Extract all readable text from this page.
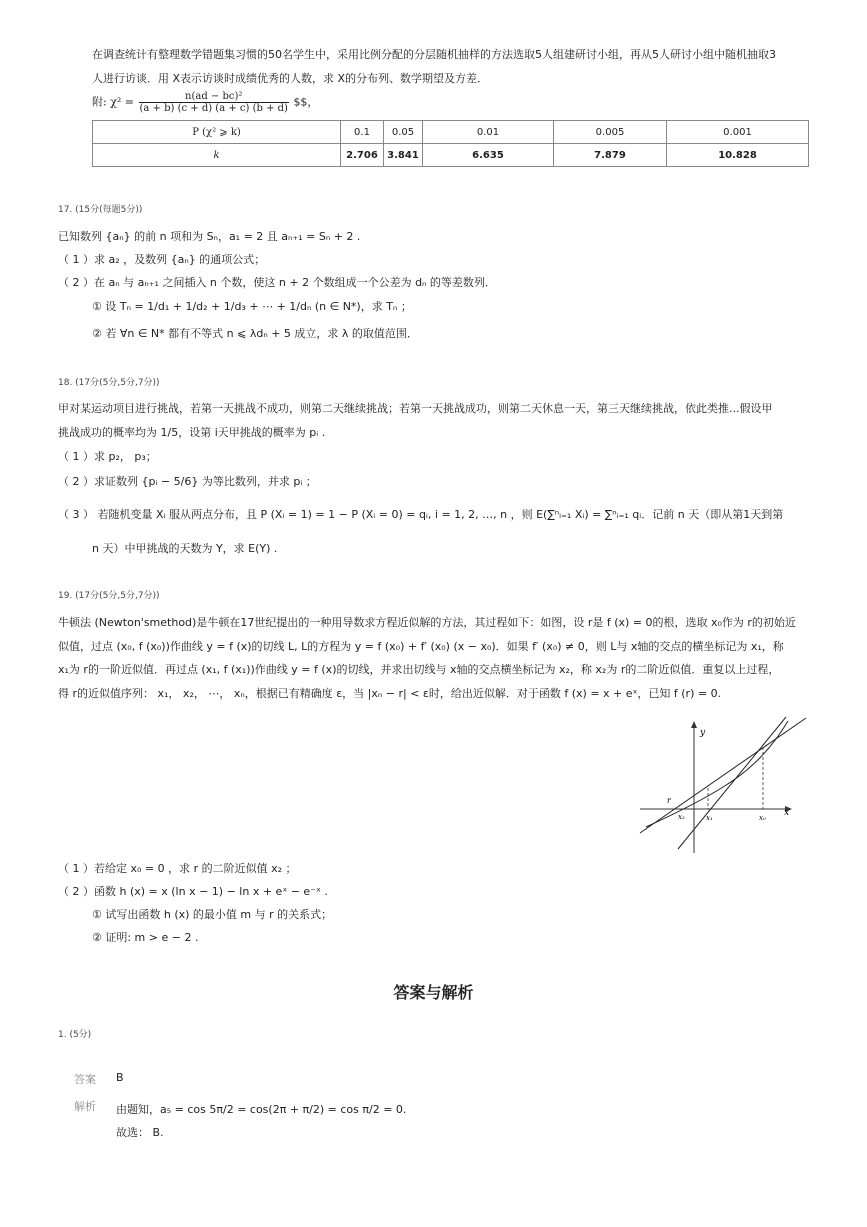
在调查统计有整理数学错题集习惯的50名学生中，采用比例分配的分层随机抽样的方法选取5人组建研讨小组，再从5人研讨小组中随机抽取3
人进行访谈．用 X表示访谈时成绩优秀的人数，求 X的分布列、数学期望及方差．
附: $\chi^2 = \frac{\text{n(ad − bc)²}}{(a + b) (c + d) (a + c) (b + d)}$ $$，
P (χ² ⩾ k)	0.1	0.05	0.01	0.005	0.001
k	2.706	3.841	6.635	7.879	10.828
17. (15分(每题5分))
已知数列 {aₙ} 的前 n 项和为 Sₙ，a₁ = 2 且 aₙ₊₁ = Sₙ + 2 .
（ 1 ）求 a₂ ，及数列 {aₙ} 的通项公式；
（ 2 ）在 aₙ 与 aₙ₊₁ 之间插入 n 个数，使这 n + 2 个数组成一个公差为 dₙ 的等差数列．
① 设 Tₙ = 1/d₁ + 1/d₂ + 1/d₃ + ⋯ + 1/dₙ (n ∈ N*)，求 Tₙ ；
② 若 ∀n ∈ N* 都有不等式 n ⩽ λdₙ + 5 成立，求 λ 的取值范围．
18. (17分(5分,5分,7分))
甲对某运动项目进行挑战，若第一天挑战不成功，则第二天继续挑战；若第一天挑战成功，则第二天休息一天，第三天继续挑战，依此类推...假设甲
挑战成功的概率均为 1/5，设第 i天甲挑战的概率为 pᵢ .
（ 1 ）求 p₂， p₃；
（ 2 ）求证数列 {pᵢ − 5/6} 为等比数列，并求 pᵢ ；
（ 3 ） 若随机变量 Xᵢ 服从两点分布，且 P (Xᵢ = 1) = 1 − P (Xᵢ = 0) = qᵢ, i = 1, 2, …, n ，则 E(∑ⁿᵢ₌₁ Xᵢ) = ∑ⁿᵢ₌₁ qᵢ．记前 n 天（即从第1天到第
n 天）中甲挑战的天数为 Y，求 E(Y) .
19. (17分(5分,5分,7分))
牛顿法 (Newton'smethod)是牛顿在17世纪提出的一种用导数求方程近似解的方法，其过程如下：如图，设 r是 f (x) = 0的根，选取 x₀作为 r的初始近
似值，过点 (x₀, f (x₀))作曲线 y = f (x)的切线 L, L的方程为 y = f (x₀) + f′ (x₀) (x − x₀)．如果 f′ (x₀) ≠ 0，则 L与 x轴的交点的横坐标记为 x₁，称
x₁为 r的一阶近似值．再过点 (x₁, f (x₁))作曲线 y = f (x)的切线，并求出切线与 x轴的交点横坐标记为 x₂，称 x₂为 r的二阶近似值．重复以上过程，
得 r的近似值序列： x₁， x₂， ⋯， xₙ，根据已有精确度 ε，当 |xₙ − r| < ε时，给出近似解．对于函数 f (x) = x + eˣ，已知 f (r) = 0.
y
x
r
x₂	x₁	x₀
（ 1 ）若给定 x₀ = 0 ，求 r 的二阶近似值 x₂ ；
（ 2 ）函数 h (x) = x (ln x − 1) − ln x + eˣ − e⁻ˣ .
① 试写出函数 h (x) 的最小值 m 与 r 的关系式；
② 证明: m > e − 2 .
答案与解析
1. (5分)
答案 B
解析 由题知，a₅ = cos 5π/2 = cos(2π + π/2) = cos π/2 = 0.
故选： B.
